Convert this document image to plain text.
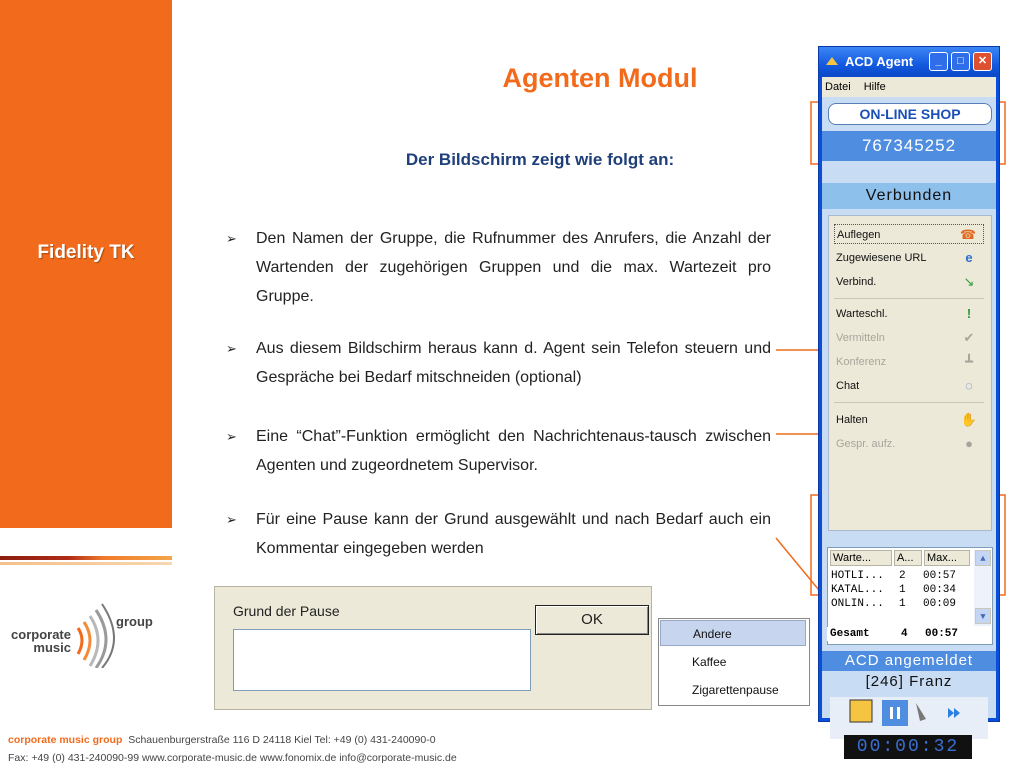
Fidelity TK
corporate
music
group
Agenten Modul
Der Bildschirm zeigt wie folgt an:
➢	Den Namen der Gruppe, die Rufnummer des Anrufers, die Anzahl der Wartenden der zugehörigen Gruppen und die max. Wartezeit pro Gruppe.
➢	Aus diesem Bildschirm heraus kann d. Agent sein Telefon steuern und Gespräche bei Bedarf mitschneiden (optional)
➢	Eine “Chat”-Funktion ermöglicht den Nachrichtenaus-tausch zwischen Agenten und zugeordnetem Supervisor.
➢	Für eine Pause kann der Grund ausgewählt und nach Bedarf auch ein Kommentar eingegeben werden
Grund der Pause	OK
Andere
Kaffee
Zigarettenpause
ACD Agent	_	□	✕
Datei Hilfe
ON-LINE SHOP
767345252
Verbunden
Auflegen	☎
Zugewiesene URL	e
Verbind.	↘
Warteschl.	!
Vermitteln	✔
Konferenz	┻
Chat	◌
Halten	✋
Gespr. aufz.	●
Warte...	A...	Max...
HOTLI... 2 00:57
KATAL... 1 00:34
ONLIN... 1 00:09
▲
▼
Gesamt	4 00:57
ACD angemeldet
[246] Franz
00:00:32
corporate music group Schauenburgerstraße 116 D 24118 Kiel Tel: +49 (0) 431-240090-0
Fax: +49 (0) 431-240090-99 www.corporate-music.de www.fonomix.de info@corporate-music.de
